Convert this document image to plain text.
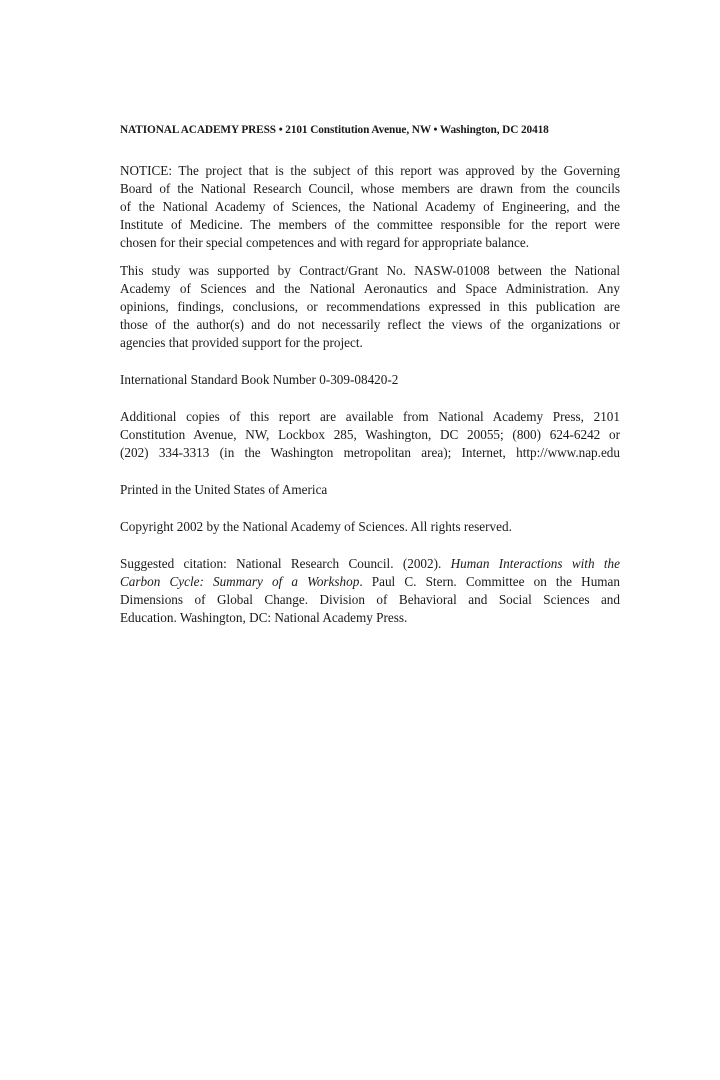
NATIONAL ACADEMY PRESS • 2101 Constitution Avenue, NW • Washington, DC 20418
NOTICE: The project that is the subject of this report was approved by the Governing
Board of the National Research Council, whose members are drawn from the councils
of the National Academy of Sciences, the National Academy of Engineering, and the
Institute of Medicine. The members of the committee responsible for the report were
chosen for their special competences and with regard for appropriate balance.
This study was supported by Contract/Grant No. NASW-01008 between the National
Academy of Sciences and the National Aeronautics and Space Administration. Any
opinions, findings, conclusions, or recommendations expressed in this publication are
those of the author(s) and do not necessarily reflect the views of the organizations or
agencies that provided support for the project.
International Standard Book Number 0-309-08420-2
Additional copies of this report are available from National Academy Press, 2101
Constitution Avenue, NW, Lockbox 285, Washington, DC 20055; (800) 624-6242 or
(202) 334-3313 (in the Washington metropolitan area); Internet, http://www.nap.edu
Printed in the United States of America
Copyright 2002 by the National Academy of Sciences. All rights reserved.
Suggested citation: National Research Council. (2002). Human Interactions with the
Carbon Cycle: Summary of a Workshop. Paul C. Stern. Committee on the Human
Dimensions of Global Change. Division of Behavioral and Social Sciences and
Education. Washington, DC: National Academy Press.
